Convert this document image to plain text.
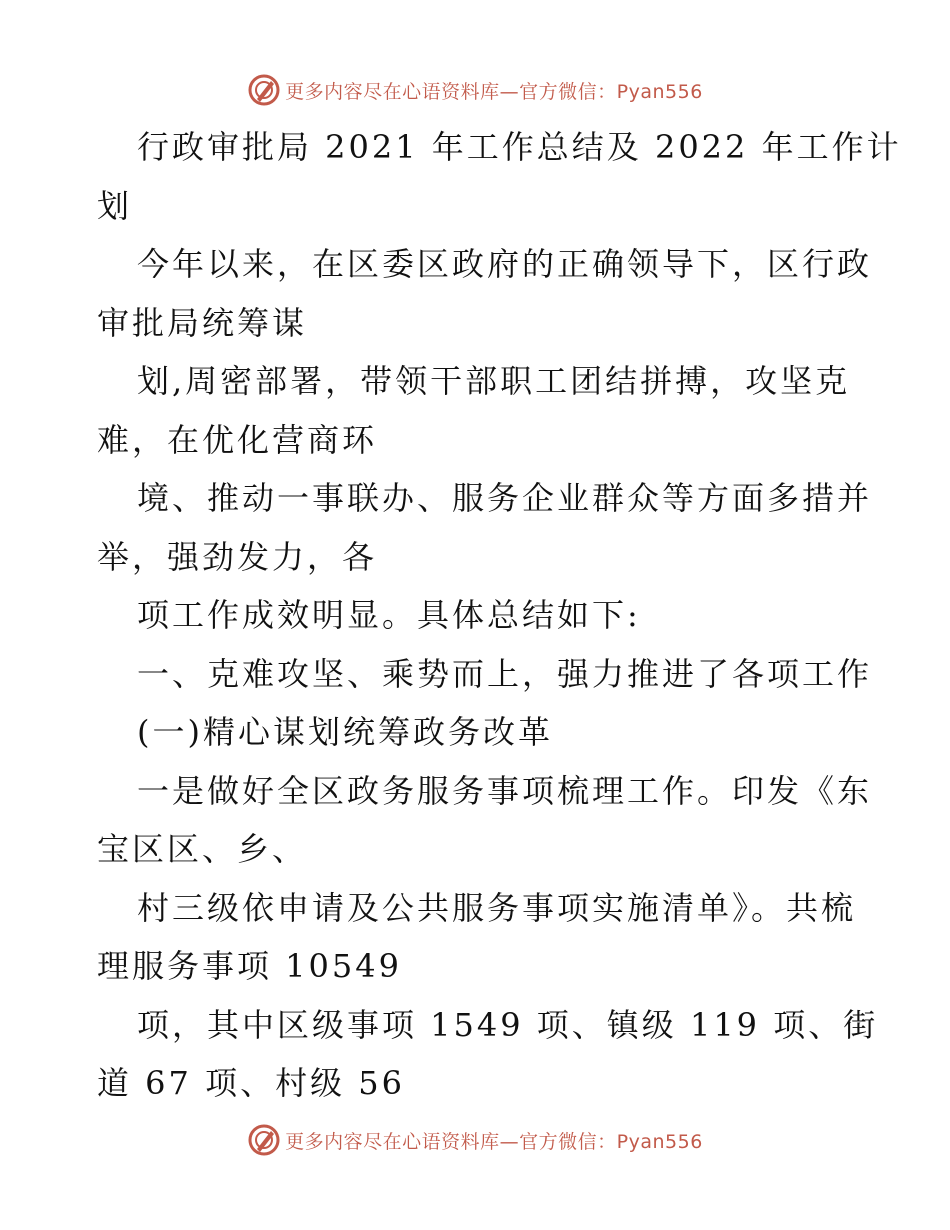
更多内容尽在心语资料库—官方微信：Pyan556
行政审批局 2021 年工作总结及 2022 年工作计
划
今年以来，在区委区政府的正确领导下，区行政
审批局统筹谋
划,周密部署，带领干部职工团结拼搏，攻坚克
难，在优化营商环
境、推动一事联办、服务企业群众等方面多措并
举，强劲发力，各
项工作成效明显。具体总结如下:
一、克难攻坚、乘势而上，强力推进了各项工作
(一)精心谋划统筹政务改革
一是做好全区政务服务事项梳理工作。印发《东
宝区区、乡、
村三级依申请及公共服务事项实施清单》。共梳
理服务事项 10549
项，其中区级事项 1549 项、镇级 119 项、街
道 67 项、村级 56
更多内容尽在心语资料库—官方微信：Pyan556
